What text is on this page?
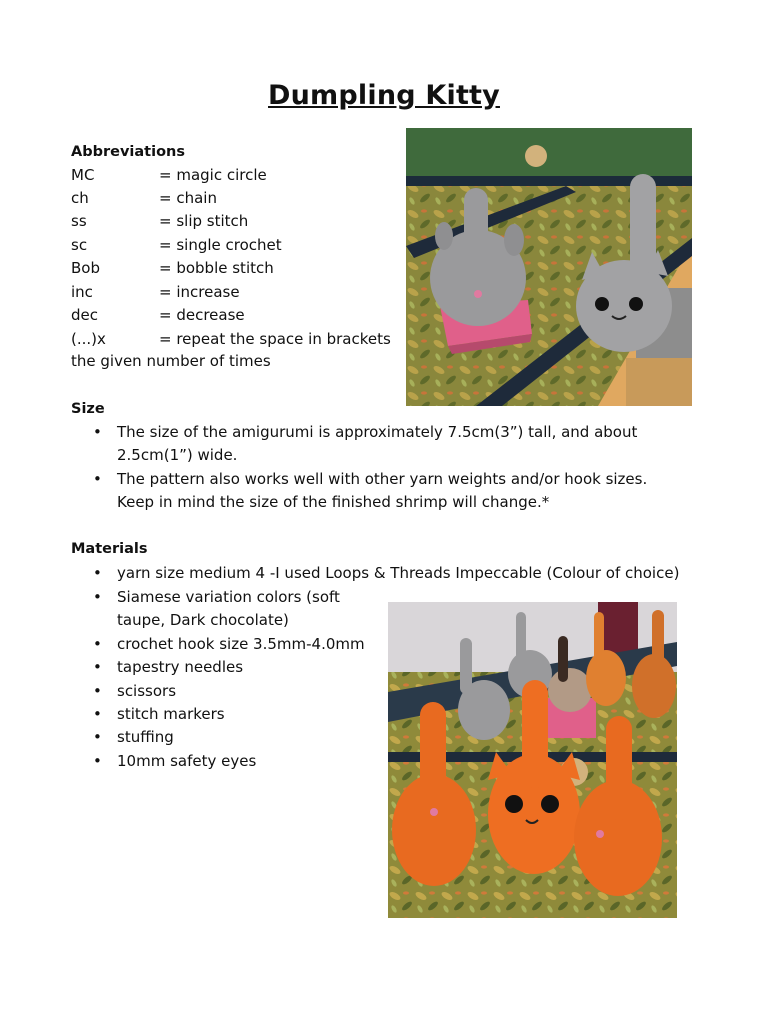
Dumpling Kitty
Abbreviations
MC	= magic circle
ch	= chain
ss	= slip stitch
sc	= single crochet
Bob	= bobble stitch
inc	= increase
dec	= decrease
(...)x	= repeat the space in brackets
the given number of times
Size
• The size of the amigurumi is approximately 7.5cm(3”) tall, and about 2.5cm(1”) wide.
• The pattern also works well with other yarn weights and/or hook sizes. Keep in mind the size of the finished shrimp will change.*
Materials
• yarn size medium 4 -I used Loops & Threads Impeccable (Colour of choice)
• Siamese variation colors (soft taupe, Dark chocolate)
• crochet hook size 3.5mm-4.0mm
• tapestry needles
• scissors
• stitch markers
• stuffing
• 10mm safety eyes
